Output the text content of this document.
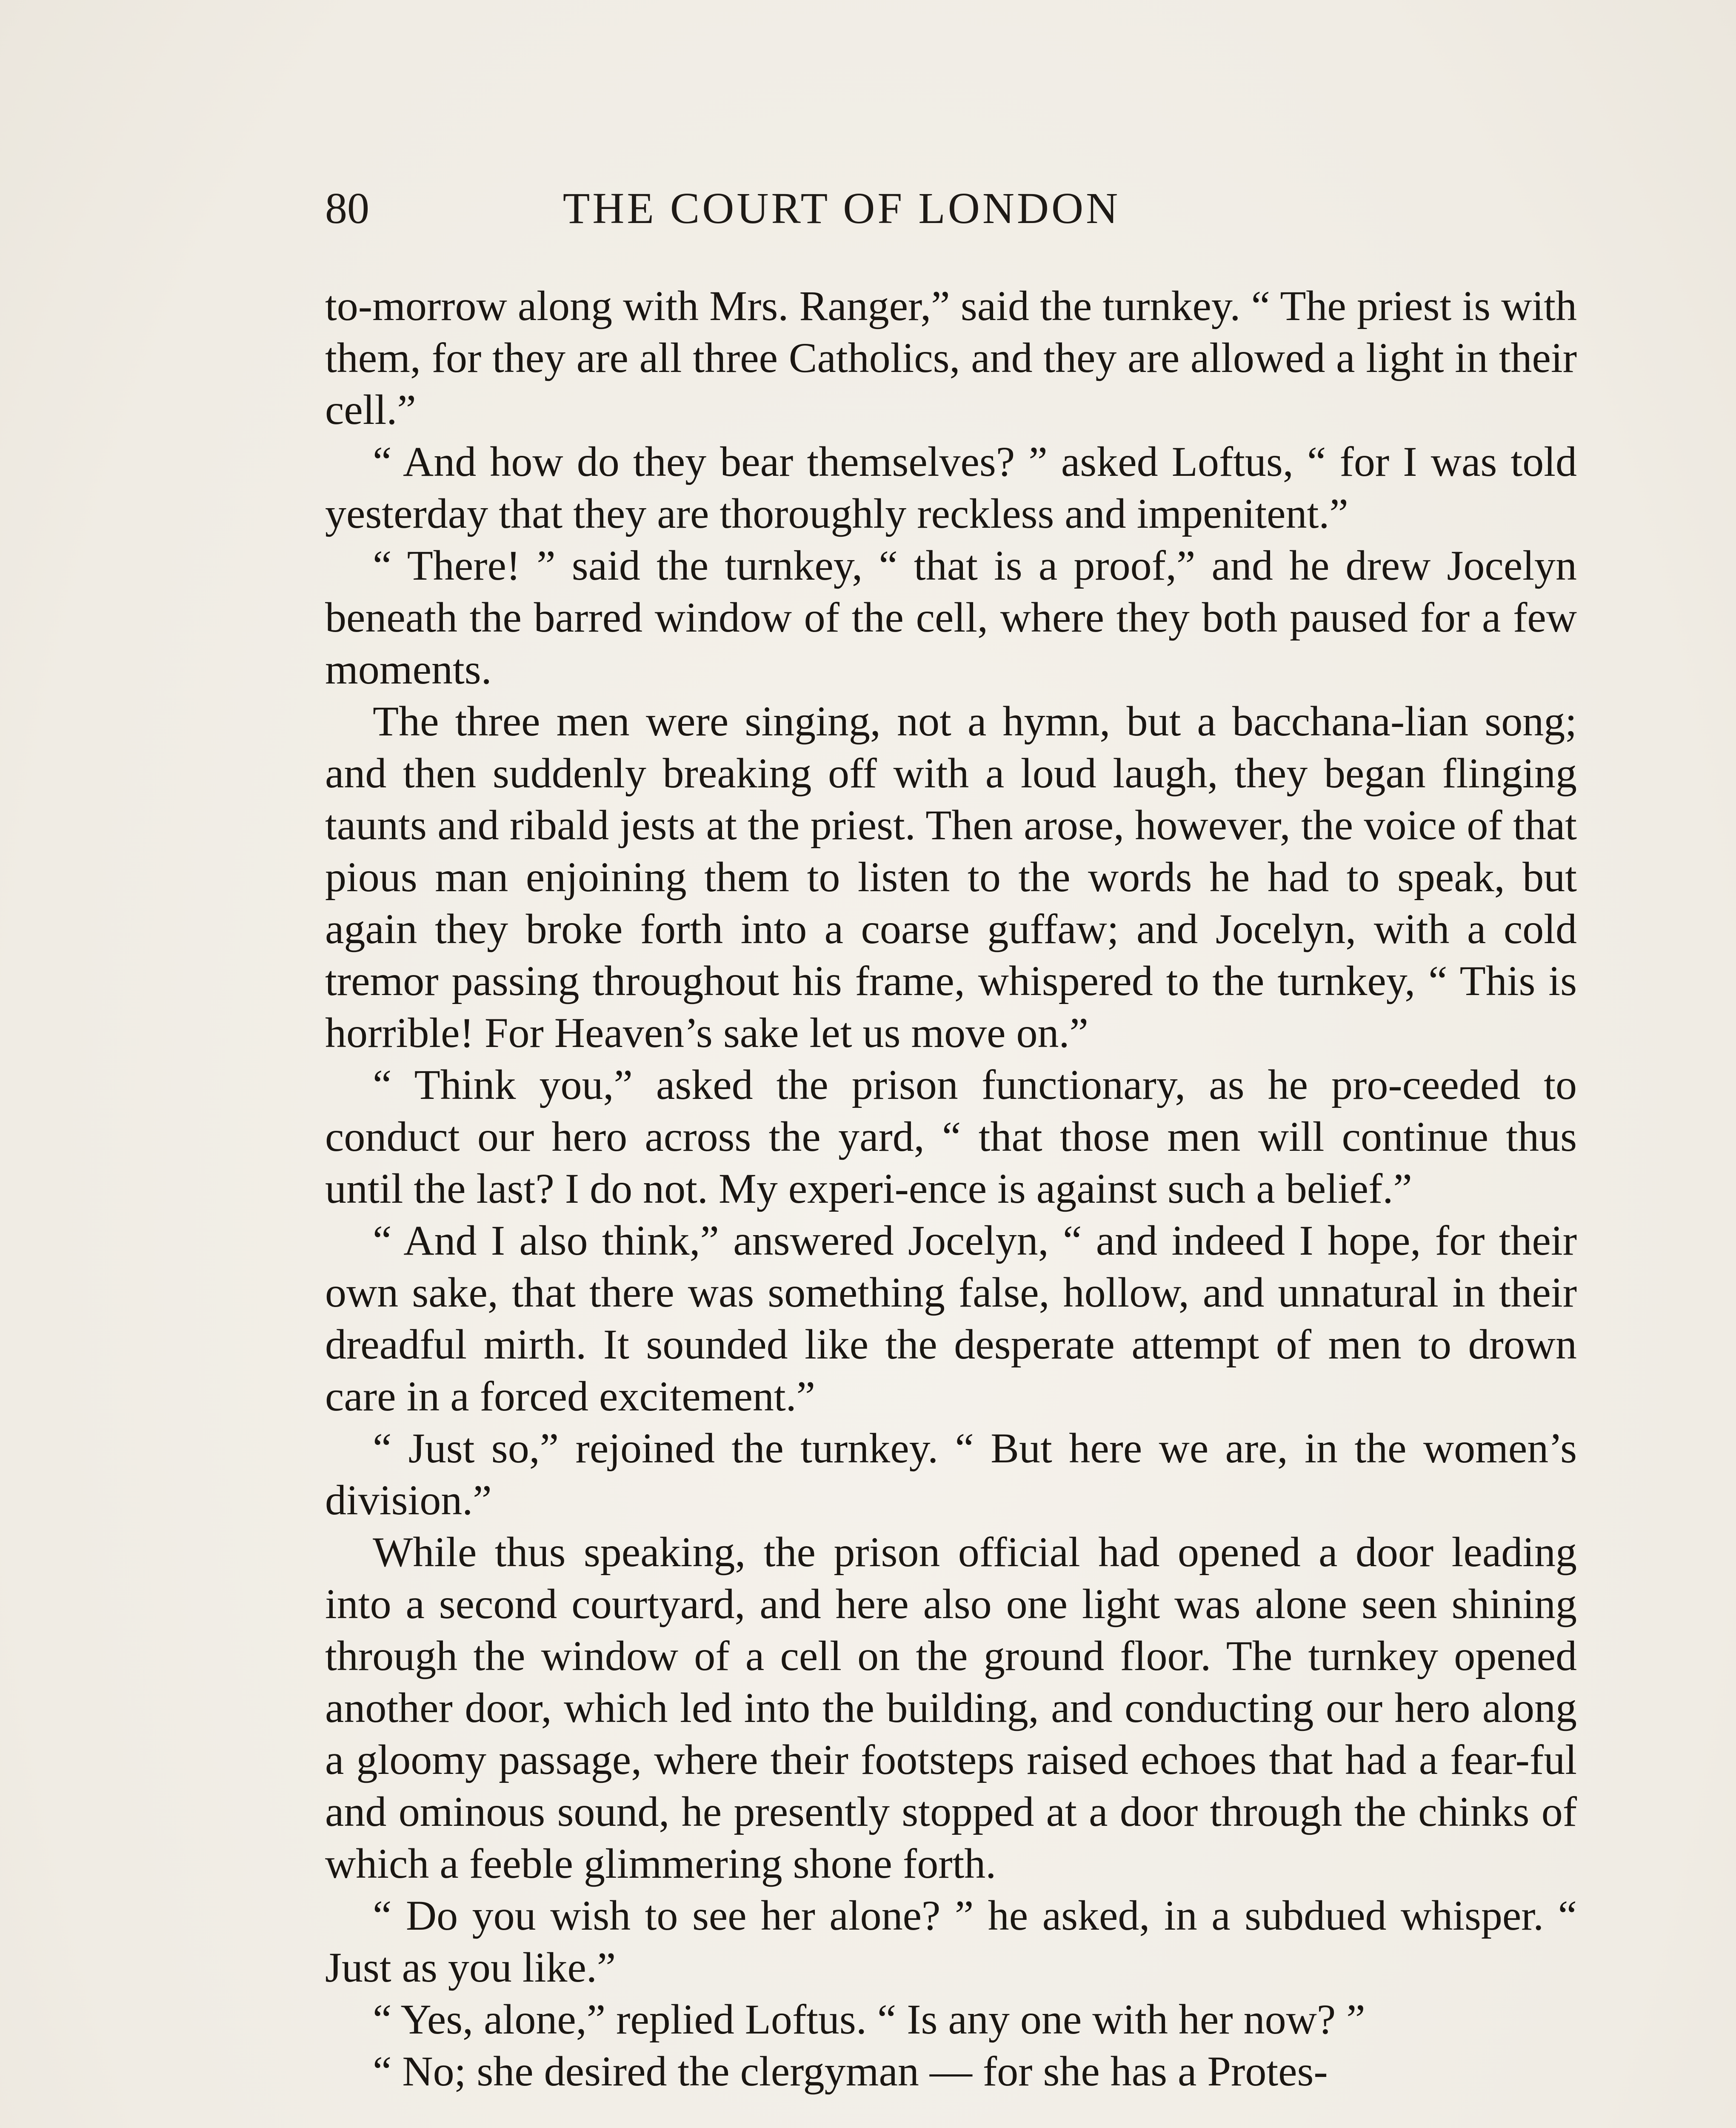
80	THE COURT OF LONDON

to-morrow along with Mrs. Ranger,” said the turnkey. “ The priest is with them, for they are all three Catholics, and they are allowed a light in their cell.”

“ And how do they bear themselves? ” asked Loftus, “ for I was told yesterday that they are thoroughly reckless and impenitent.”

“ There! ” said the turnkey, “ that is a proof,” and he drew Jocelyn beneath the barred window of the cell, where they both paused for a few moments.

The three men were singing, not a hymn, but a bacchana-lian song; and then suddenly breaking off with a loud laugh, they began flinging taunts and ribald jests at the priest. Then arose, however, the voice of that pious man enjoining them to listen to the words he had to speak, but again they broke forth into a coarse guffaw; and Jocelyn, with a cold tremor passing throughout his frame, whispered to the turnkey, “ This is horrible! For Heaven’s sake let us move on.”

“ Think you,” asked the prison functionary, as he pro-ceeded to conduct our hero across the yard, “ that those men will continue thus until the last? I do not. My experi-ence is against such a belief.”

“ And I also think,” answered Jocelyn, “ and indeed I hope, for their own sake, that there was something false, hollow, and unnatural in their dreadful mirth. It sounded like the desperate attempt of men to drown care in a forced excitement.”

“ Just so,” rejoined the turnkey. “ But here we are, in the women’s division.”

While thus speaking, the prison official had opened a door leading into a second courtyard, and here also one light was alone seen shining through the window of a cell on the ground floor. The turnkey opened another door, which led into the building, and conducting our hero along a gloomy passage, where their footsteps raised echoes that had a fear-ful and ominous sound, he presently stopped at a door through the chinks of which a feeble glimmering shone forth.

“ Do you wish to see her alone? ” he asked, in a subdued whisper. “ Just as you like.”

“ Yes, alone,” replied Loftus. “ Is any one with her now? ”

“ No; she desired the clergyman — for she has a Protes-
